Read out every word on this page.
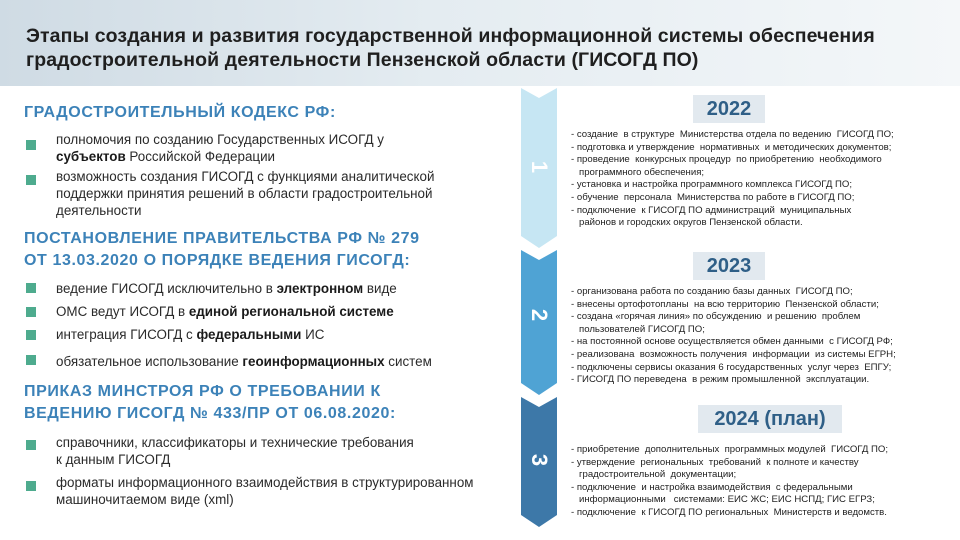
Этапы создания и развития государственной информационной системы обеспечения
градостроительной деятельности Пензенской области (ГИСОГД ПО)
ГРАДОСТРОИТЕЛЬНЫЙ КОДЕКС РФ:
полномочия по созданию Государственных ИСОГД у
субъектов Российской Федерации
возможность создания ГИСОГД с функциями аналитической
поддержки принятия решений в области градостроительной
деятельности
ПОСТАНОВЛЕНИЕ ПРАВИТЕЛЬСТВА РФ № 279
ОТ 13.03.2020 О ПОРЯДКЕ ВЕДЕНИЯ ГИСОГД:
ведение ГИСОГД исключительно в электронном виде
ОМС ведут ИСОГД в единой региональной системе
интеграция ГИСОГД с федеральными ИС
обязательное использование геоинформационных систем
ПРИКАЗ МИНСТРОЯ РФ О ТРЕБОВАНИИ К
ВЕДЕНИЮ ГИСОГД № 433/ПР ОТ 06.08.2020:
справочники, классификаторы и технические требования
к данным ГИСОГД
форматы информационного взаимодействия в структурированном
машиночитаемом виде (xml)
1
2
3
2022
- создание  в структуре  Министерства отдела по ведению  ГИСОГД ПО;
- подготовка и утверждение  нормативных  и методических документов;
- проведение  конкурсных процедур  по приобретению  необходимого
программного обеспечения;
- установка и настройка программного комплекса ГИСОГД ПО;
- обучение  персонала  Министерства по работе в ГИСОГД ПО;
- подключение  к ГИСОГД ПО администраций  муниципальных
районов и городских округов Пензенской области.
2023
- организована работа по созданию базы данных  ГИСОГД ПО;
- внесены ортофотопланы  на всю территорию  Пензенской области;
- создана «горячая линия» по обсуждению  и решению  проблем
пользователей ГИСОГД ПО;
- на постоянной основе осуществляется обмен данными  с ГИСОГД РФ;
- реализована  возможность получения  информации  из системы ЕГРН;
- подключены сервисы оказания 6 государственных  услуг через  ЕПГУ;
- ГИСОГД ПО переведена  в режим промышленной  эксплуатации.
2024 (план)
- приобретение  дополнительных  программных модулей  ГИСОГД ПО;
- утверждение  региональных  требований  к полноте и качеству
градостроительной  документации;
- подключение  и настройка взаимодействия  с федеральными
информационными   системами: ЕИС ЖС; ЕИС НСПД; ГИС ЕГРЗ;
- подключение  к ГИСОГД ПО региональных  Министерств и ведомств.
